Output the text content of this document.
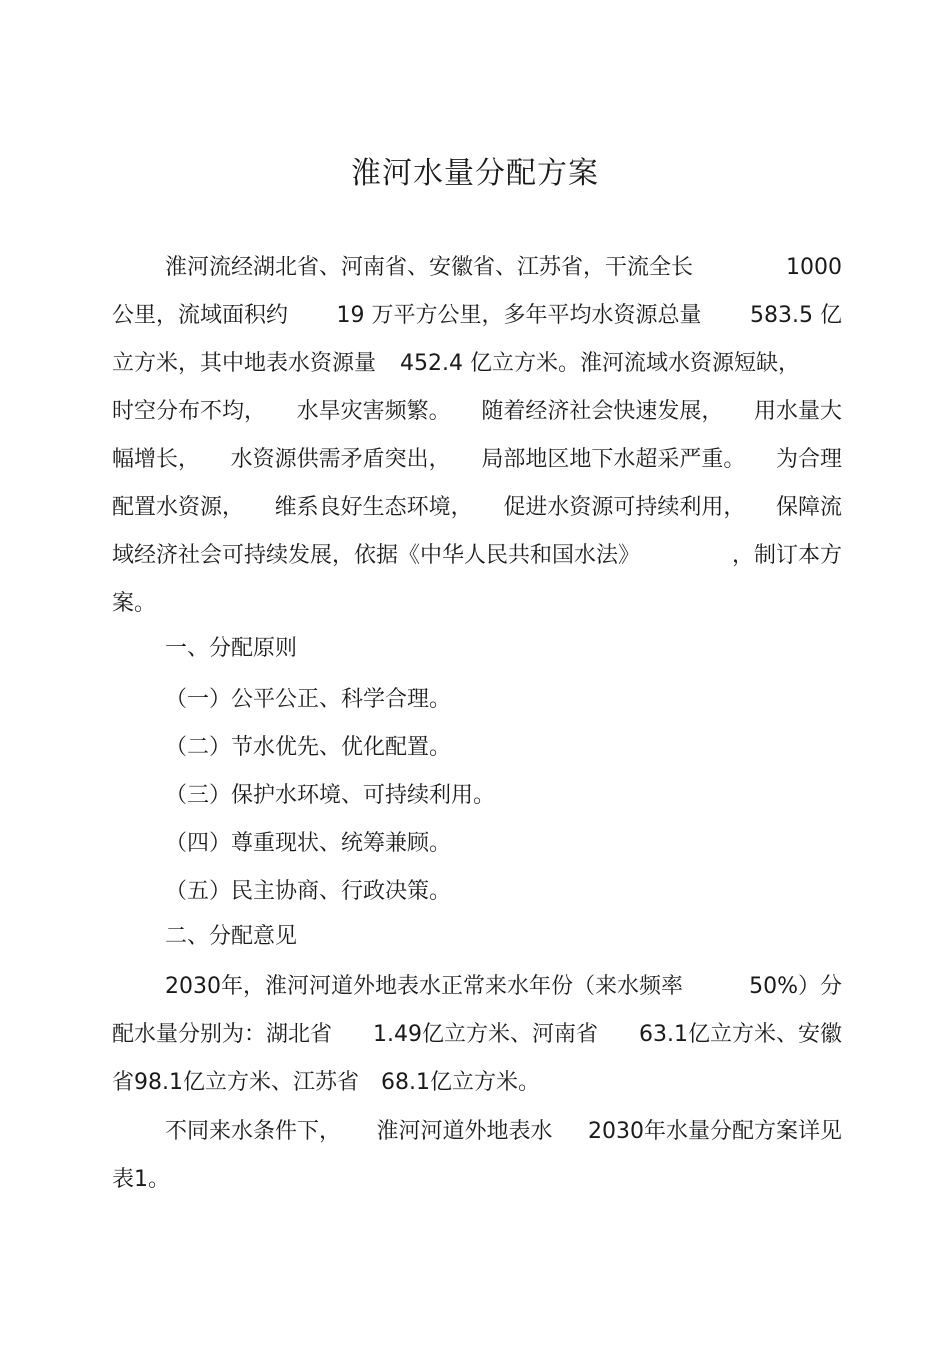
淮河水量分配方案
淮河流经湖北省、河南省、安徽省、江苏省，干流全长	1000
公里，流域面积约 19 万平方公里，多年平均水资源总量 583.5 亿
立方米，其中地表水资源量 452.4 亿立方米。淮河流域水资源短缺，
时空分布不均， 水旱灾害频繁。 随着经济社会快速发展， 用水量大
幅增长， 水资源供需矛盾突出， 局部地区地下水超采严重。 为合理
配置水资源， 维系良好生态环境， 促进水资源可持续利用， 保障流
域经济社会可持续发展，依据《中华人民共和国水法》	，制订本方
案。
一、分配原则
（一）公平公正、科学合理。
（二）节水优先、优化配置。
（三）保护水环境、可持续利用。
（四）尊重现状、统筹兼顾。
（五）民主协商、行政决策。
二、分配意见
2030年，淮河河道外地表水正常来水年份（来水频率	50%）分
配水量分别为：湖北省 1.49亿立方米、河南省 63.1亿立方米、安徽
省98.1亿立方米、江苏省　68.1亿立方米。
不同来水条件下， 淮河河道外地表水 2030年水量分配方案详见
表1。
